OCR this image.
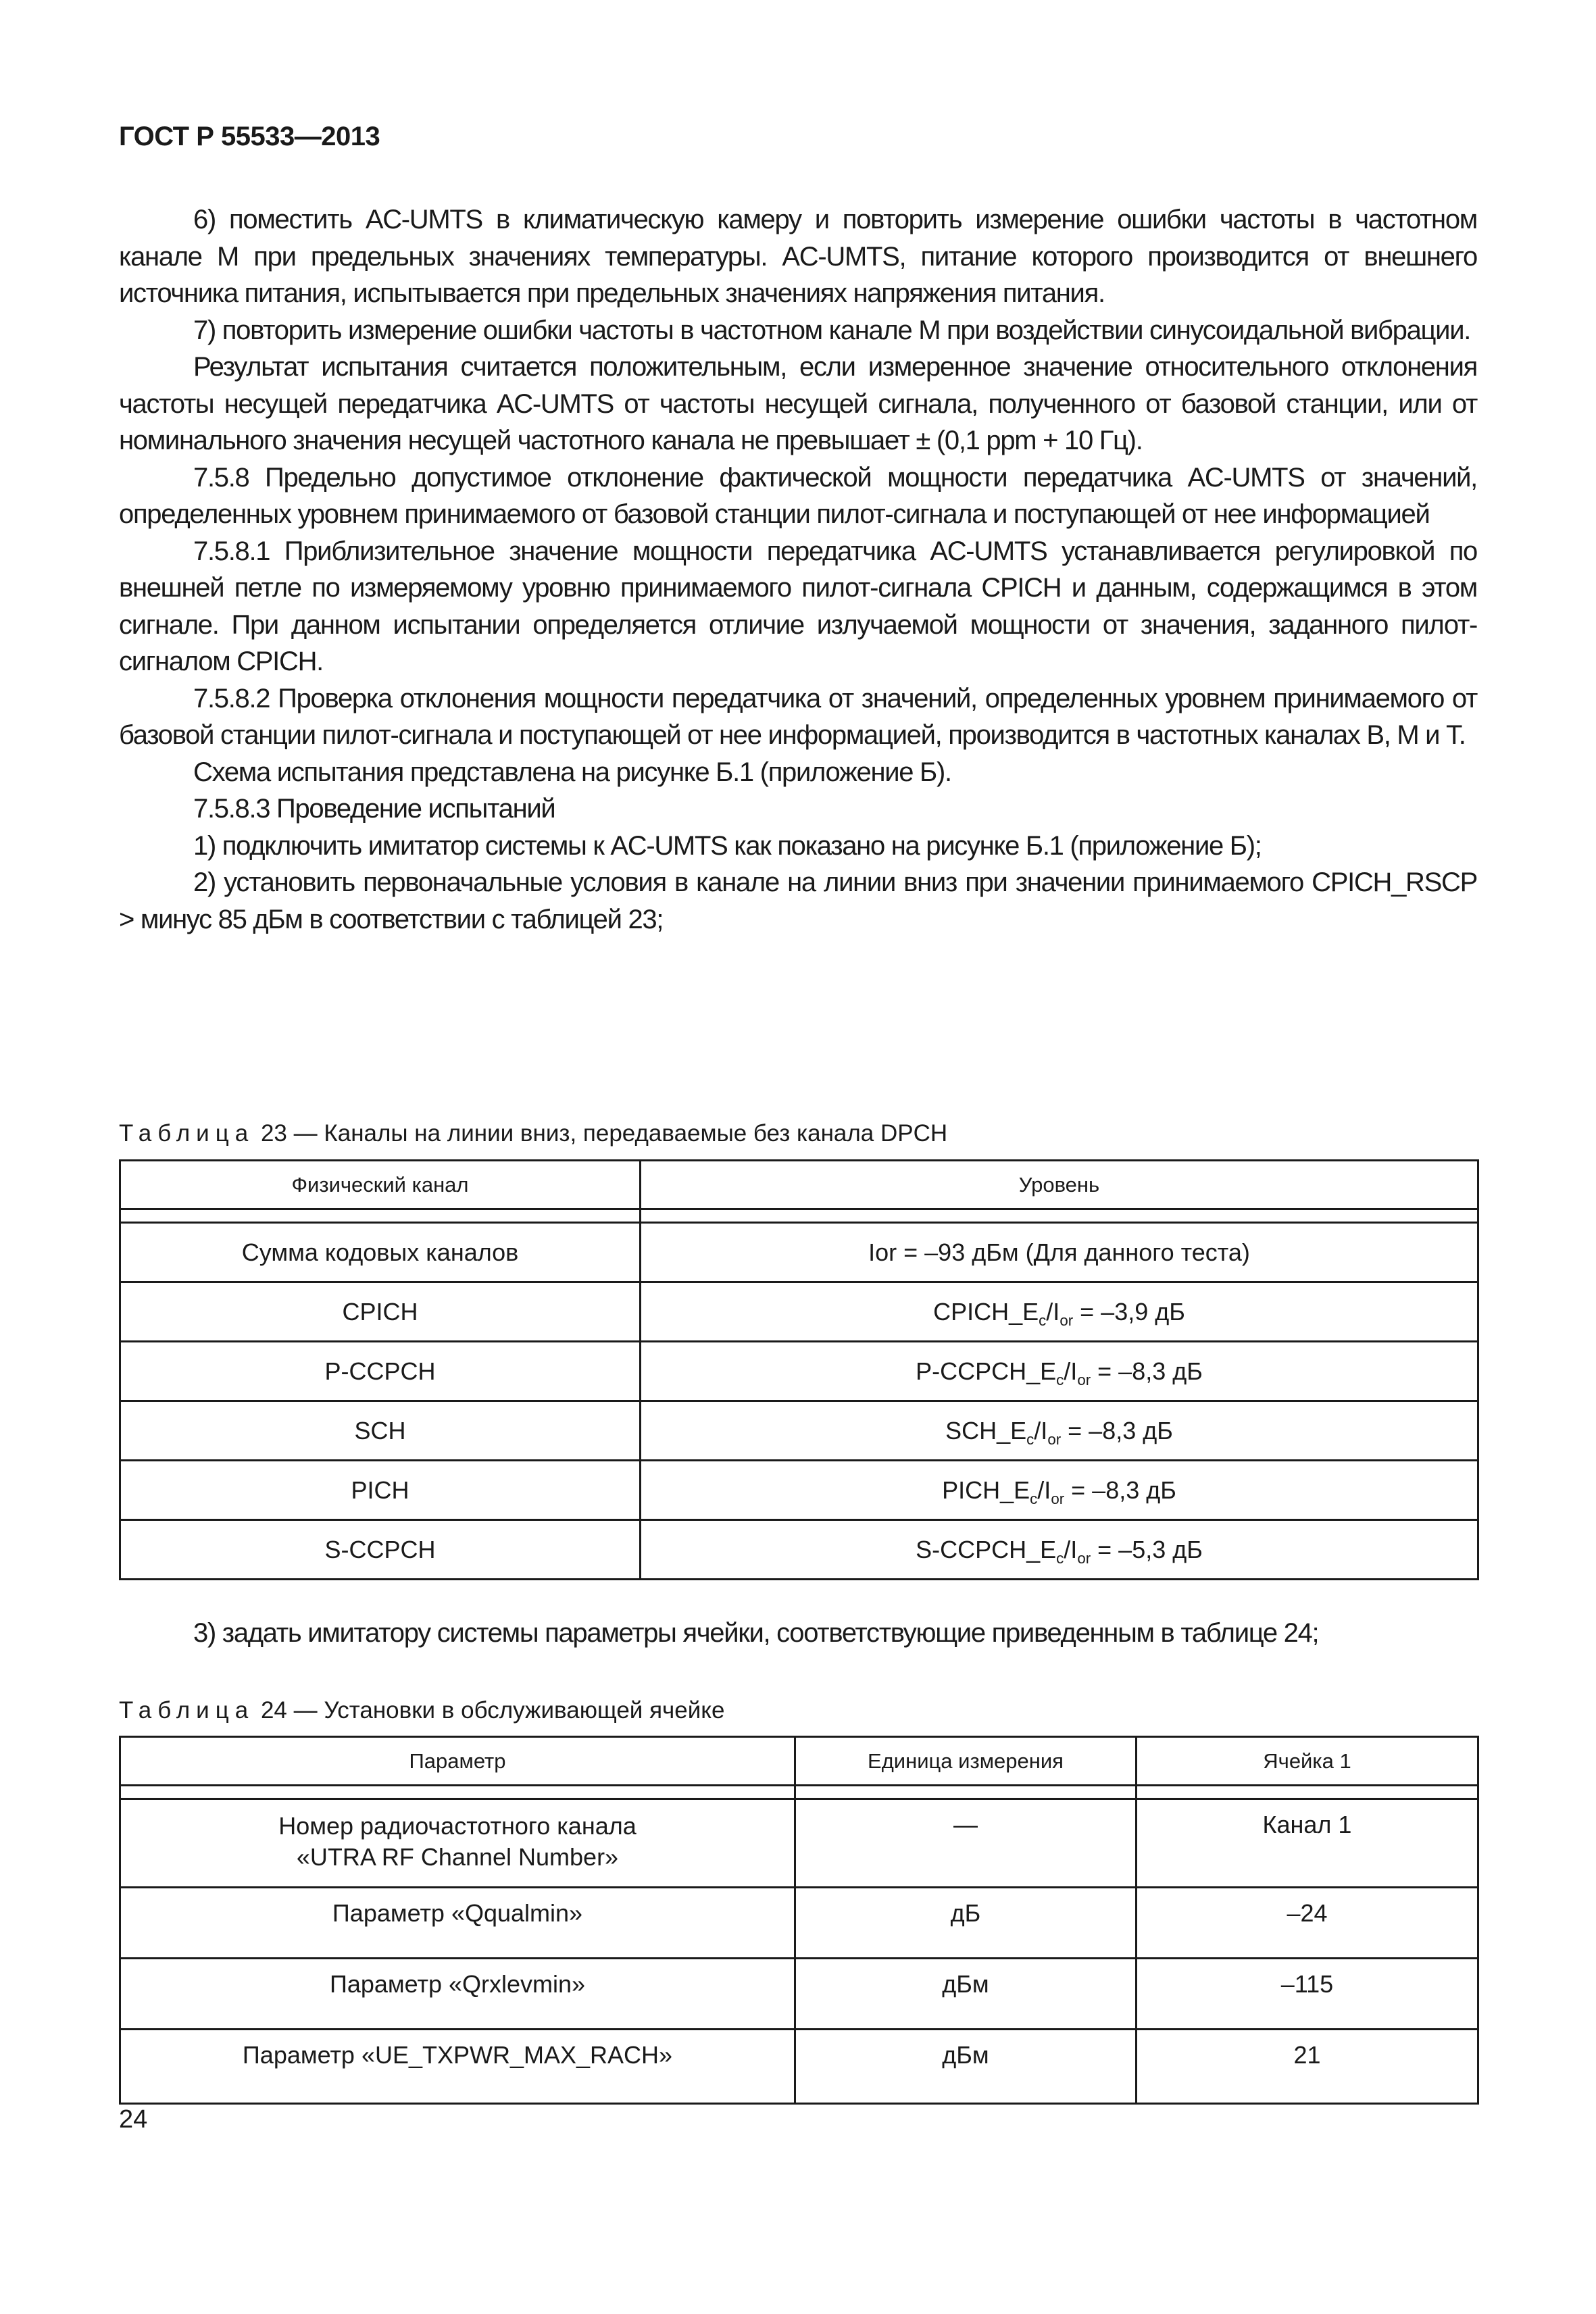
ГОСТ Р 55533—2013

6) поместить AC-UMTS в климатическую камеру и повторить измерение ошибки частоты в частотном канале M при предельных значениях температуры. AC-UMTS, питание которого производится от внешнего источника питания, испытывается при предельных значениях напряжения питания.

7) повторить измерение ошибки частоты в частотном канале M при воздействии синусоидальной вибрации.

Результат испытания считается положительным, если измеренное значение относительного отклонения частоты несущей передатчика AC-UMTS от частоты несущей сигнала, полученного от базовой станции, или от номинального значения несущей частотного канала не превышает ± (0,1 ppm + 10 Гц).

7.5.8 Предельно допустимое отклонение фактической мощности передатчика AC-UMTS от значений, определенных уровнем принимаемого от базовой станции пилот-сигнала и поступающей от нее информацией

7.5.8.1 Приблизительное значение мощности передатчика AC-UMTS устанавливается регулировкой по внешней петле по измеряемому уровню принимаемого пилот-сигнала CPICH и данным, содержащимся в этом сигнале. При данном испытании определяется отличие излучаемой мощности от значения, заданного пилот-сигналом CPICH.

7.5.8.2 Проверка отклонения мощности передатчика от значений, определенных уровнем принимаемого от базовой станции пилот-сигнала и поступающей от нее информацией, производится в частотных каналах B, M и T.

Схема испытания представлена на рисунке Б.1 (приложение Б).

7.5.8.3 Проведение испытаний

1) подключить имитатор системы к AC-UMTS как показано на рисунке Б.1 (приложение Б);

2) установить первоначальные условия в канале на линии вниз при значении принимаемого CPICH_RSCP > минус 85 дБм в соответствии с таблицей 23;

Таблица 23 — Каналы на линии вниз, передаваемые без канала DPCH
Физический канал	Уровень

Сумма кодовых каналов	Ior = –93 дБм (Для данного теста)
CPICH	$CPICH\_E_c/I_{or} = -3,9$ дБ
P-CCPCH	$P-CCPCH\_E_c/I_{or} = -8,3$ дБ
SCH	$SCH\_E_c/I_{or} = -8,3$ дБ
PICH	$PICH\_E_c/I_{or} = -8,3$ дБ
S-CCPCH	$S-CCPCH\_E_c/I_{or} = -5,3$ дБ
3) задать имитатору системы параметры ячейки, соответствующие приведенным в таблице 24;
Таблица 24 — Установки в обслуживающей ячейке
Параметр	Единица измерения	Ячейка 1

Номер радиочастотного канала
«UTRA RF Channel Number»	—	Канал 1
Параметр «Qqualmin»	дБ	–24
Параметр «Qrxlevmin»	дБм	–115
Параметр «UE_TXPWR_MAX_RACH»	дБм	21
24
